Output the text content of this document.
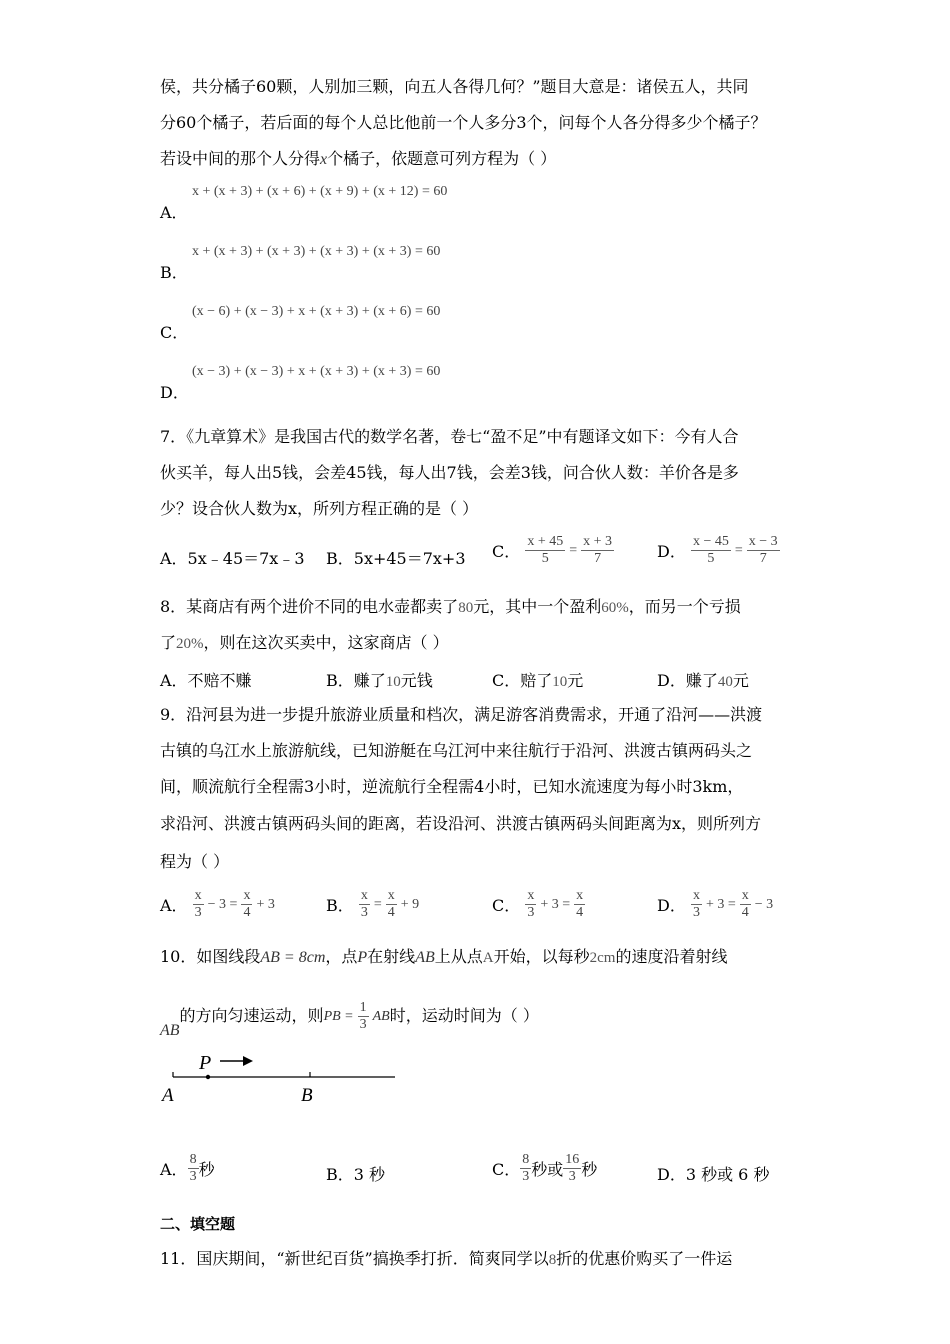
侯，共分橘子60颗，人别加三颗，向五人各得几何？”题目大意是：诸侯五人，共同
分60个橘子，若后面的每个人总比他前一个人多分3个，问每个人各分得多少个橘子？
若设中间的那个人分得x个橘子，依题意可列方程为（ ）
x + (x + 3) + (x + 6) + (x + 9) + (x + 12) = 60
A．
x + (x + 3) + (x + 3) + (x + 3) + (x + 3) = 60
B．
(x − 6) + (x − 3) + x + (x + 3) + (x + 6) = 60
C．
(x − 3) + (x − 3) + x + (x + 3) + (x + 3) = 60
D．
7．《九章算术》是我国古代的数学名著，卷七“盈不足”中有题译文如下：今有人合
伙买羊，每人出5钱，会差45钱，每人出7钱，会差3钱，问合伙人数：羊价各是多
少？设合伙人数为x，所列方程正确的是（ ）
A．5x﹣45＝7x﹣3 B．5x+45＝7x+3 C． $\frac{x + 45}{5} = \frac{x + 3}{7}$	D． $\frac{x - 45}{5} = \frac{x - 3}{7}$
8．某商店有两个进价不同的电水壶都卖了80元，其中一个盈利60%，而另一个亏损
了20%，则在这次买卖中，这家商店（ ）
A．不赔不赚	B．赚了10元钱	C．赔了10元	D．赚了40元
9．沿河县为进一步提升旅游业质量和档次，满足游客消费需求，开通了沿河——洪渡
古镇的乌江水上旅游航线，已知游艇在乌江河中来往航行于沿河、洪渡古镇两码头之
间，顺流航行全程需3小时，逆流航行全程需4小时，已知水流速度为每小时3km，
求沿河、洪渡古镇两码头间的距离，若设沿河、洪渡古镇两码头间距离为x，则所列方
程为（ ）
A． $\frac{x}{3} - 3 = \frac{x}{4} + 3$	B． $\frac{x}{3} = \frac{x}{4} + 9$	C． $\frac{x}{3} + 3 = \frac{x}{4}$	D． $\frac{x}{3} + 3 = \frac{x}{4} - 3$
10．如图线段AB = 8cm，点P在射线AB上从点A开始，以每秒2cm的速度沿着射线
AB的方向匀速运动，则 PB = $\frac{1}{3}$ AB 时，运动时间为（ ）
P
A	B
A． $\frac{8}{3}$ 秒	B．3 秒	C． $\frac{8}{3}$ 秒或 $\frac{16}{3}$ 秒	D．3 秒或 6 秒
二、填空题
11．国庆期间，“新世纪百货”搞换季打折．简爽同学以8折的优惠价购买了一件运
